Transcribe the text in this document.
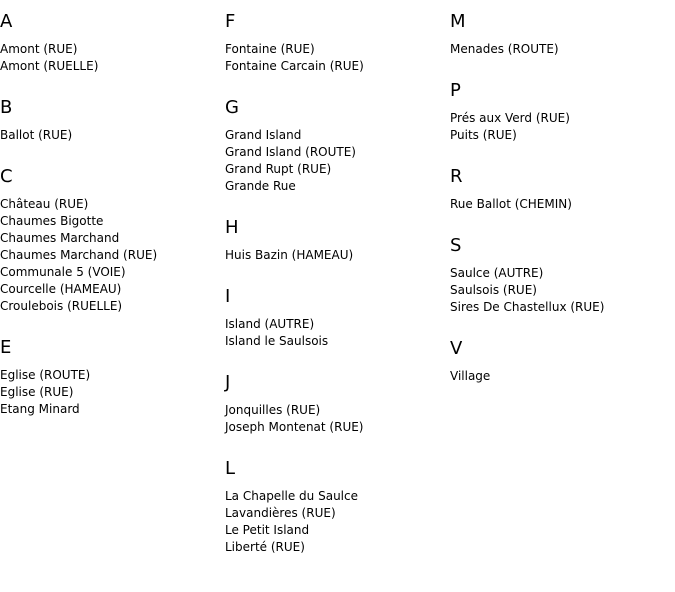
A
Amont (RUE)
Amont (RUELLE)
B
Ballot (RUE)
C
Château (RUE)
Chaumes Bigotte
Chaumes Marchand
Chaumes Marchand (RUE)
Communale 5 (VOIE)
Courcelle (HAMEAU)
Croulebois (RUELLE)
E
Eglise (ROUTE)
Eglise (RUE)
Etang Minard
F
Fontaine (RUE)
Fontaine Carcain (RUE)
G
Grand Island
Grand Island (ROUTE)
Grand Rupt (RUE)
Grande Rue
H
Huis Bazin (HAMEAU)
I
Island (AUTRE)
Island le Saulsois
J
Jonquilles (RUE)
Joseph Montenat (RUE)
L
La Chapelle du Saulce
Lavandières (RUE)
Le Petit Island
Liberté (RUE)
M
Menades (ROUTE)
P
Prés aux Verd (RUE)
Puits (RUE)
R
Rue Ballot (CHEMIN)
S
Saulce (AUTRE)
Saulsois (RUE)
Sires De Chastellux (RUE)
V
Village
